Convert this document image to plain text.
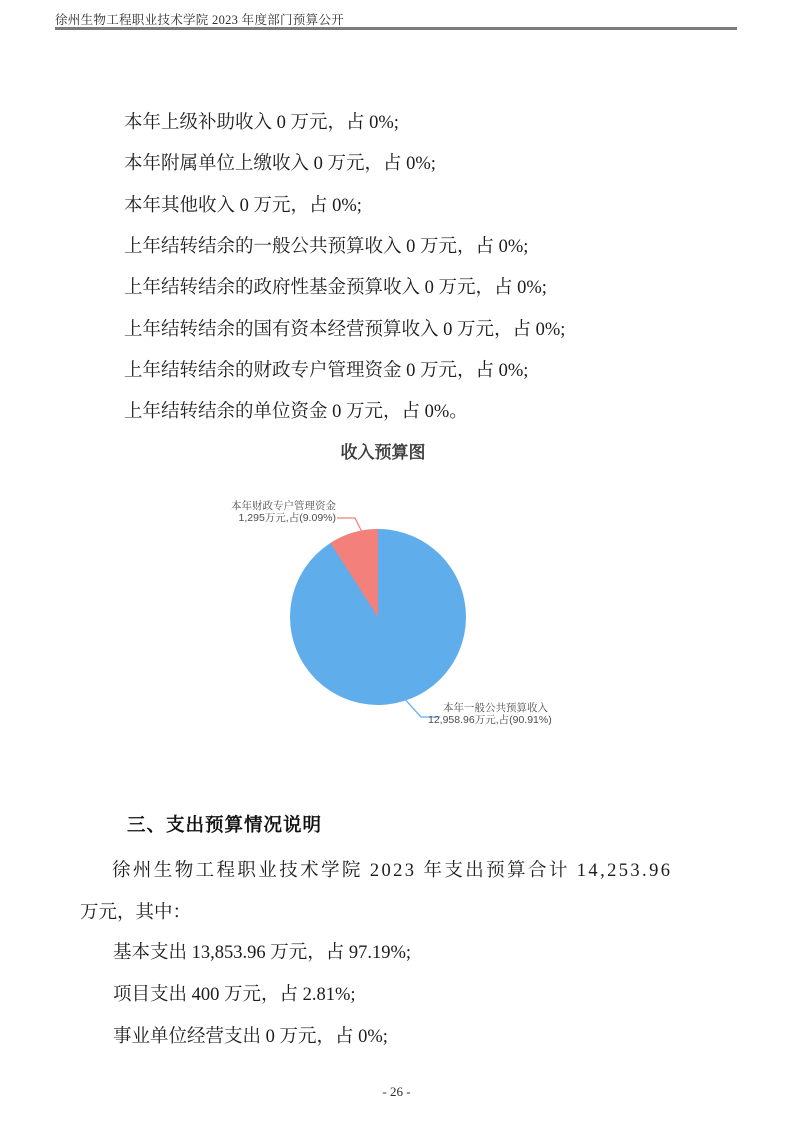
徐州生物工程职业技术学院 2023 年度部门预算公开
本年上级补助收入 0 万元，占 0%;
本年附属单位上缴收入 0 万元，占 0%;
本年其他收入 0 万元，占 0%;
上年结转结余的一般公共预算收入 0 万元，占 0%;
上年结转结余的政府性基金预算收入 0 万元，占 0%;
上年结转结余的国有资本经营预算收入 0 万元，占 0%;
上年结转结余的财政专户管理资金 0 万元，占 0%;
上年结转结余的单位资金 0 万元，占 0%。
收入预算图
本年财政专户管理资金
1,295万元,占(9.09%)
本年一般公共预算收入
12,958.96万元,占(90.91%)
三、支出预算情况说明
徐州生物工程职业技术学院 2023 年支出预算合计 14,253.96
万元，其中：
基本支出 13,853.96 万元，占 97.19%;
项目支出 400 万元，占 2.81%;
事业单位经营支出 0 万元，占 0%;
- 26 -
